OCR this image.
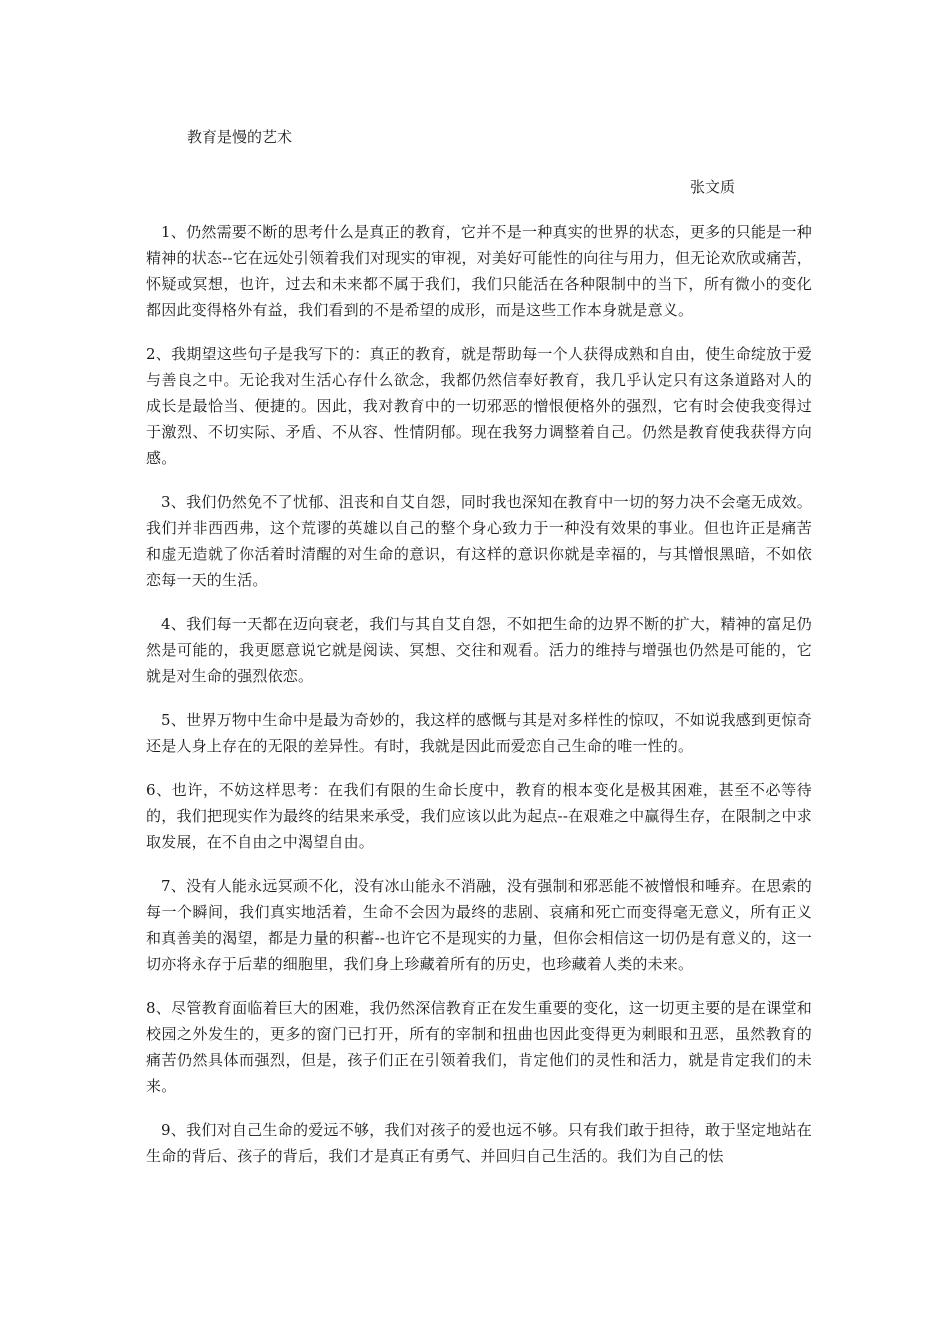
教育是慢的艺术
张文质

1、仍然需要不断的思考什么是真正的教育，它并不是一种真实的世界的状态，更多的只能是一种精神的状态--它在远处引领着我们对现实的审视，对美好可能性的向往与用力，但无论欢欣或痛苦，怀疑或冥想，也许，过去和未来都不属于我们，我们只能活在各种限制中的当下，所有微小的变化都因此变得格外有益，我们看到的不是希望的成形，而是这些工作本身就是意义。

2、我期望这些句子是我写下的：真正的教育，就是帮助每一个人获得成熟和自由，使生命绽放于爱与善良之中。无论我对生活心存什么欲念，我都仍然信奉好教育，我几乎认定只有这条道路对人的成长是最恰当、便捷的。因此，我对教育中的一切邪恶的憎恨便格外的强烈，它有时会使我变得过于激烈、不切实际、矛盾、不从容、性情阴郁。现在我努力调整着自己。仍然是教育使我获得方向感。

3、我们仍然免不了忧郁、沮丧和自艾自怨，同时我也深知在教育中一切的努力决不会毫无成效。我们并非西西弗，这个荒谬的英雄以自己的整个身心致力于一种没有效果的事业。但也许正是痛苦和虚无造就了你活着时清醒的对生命的意识，有这样的意识你就是幸福的，与其憎恨黑暗，不如依恋每一天的生活。

4、我们每一天都在迈向衰老，我们与其自艾自怨，不如把生命的边界不断的扩大，精神的富足仍然是可能的，我更愿意说它就是阅读、冥想、交往和观看。活力的维持与增强也仍然是可能的，它就是对生命的强烈依恋。

5、世界万物中生命中是最为奇妙的，我这样的感慨与其是对多样性的惊叹，不如说我感到更惊奇还是人身上存在的无限的差异性。有时，我就是因此而爱恋自己生命的唯一性的。

6、也许，不妨这样思考：在我们有限的生命长度中，教育的根本变化是极其困难，甚至不必等待的，我们把现实作为最终的结果来承受，我们应该以此为起点--在艰难之中赢得生存，在限制之中求取发展，在不自由之中渴望自由。

7、没有人能永远冥顽不化，没有冰山能永不消融，没有强制和邪恶能不被憎恨和唾弃。在思索的每一个瞬间，我们真实地活着，生命不会因为最终的悲剧、哀痛和死亡而变得毫无意义，所有正义和真善美的渴望，都是力量的积蓄--也许它不是现实的力量，但你会相信这一切仍是有意义的，这一切亦将永存于后辈的细胞里，我们身上珍藏着所有的历史，也珍藏着人类的未来。

8、尽管教育面临着巨大的困难，我仍然深信教育正在发生重要的变化，这一切更主要的是在课堂和校园之外发生的，更多的窗门已打开，所有的宰制和扭曲也因此变得更为刺眼和丑恶，虽然教育的痛苦仍然具体而强烈，但是，孩子们正在引领着我们，肯定他们的灵性和活力，就是肯定我们的未来。

9、我们对自己生命的爱远不够，我们对孩子的爱也远不够。只有我们敢于担待，敢于坚定地站在生命的背后、孩子的背后，我们才是真正有勇气、并回归自己生活的。我们为自己的怯
